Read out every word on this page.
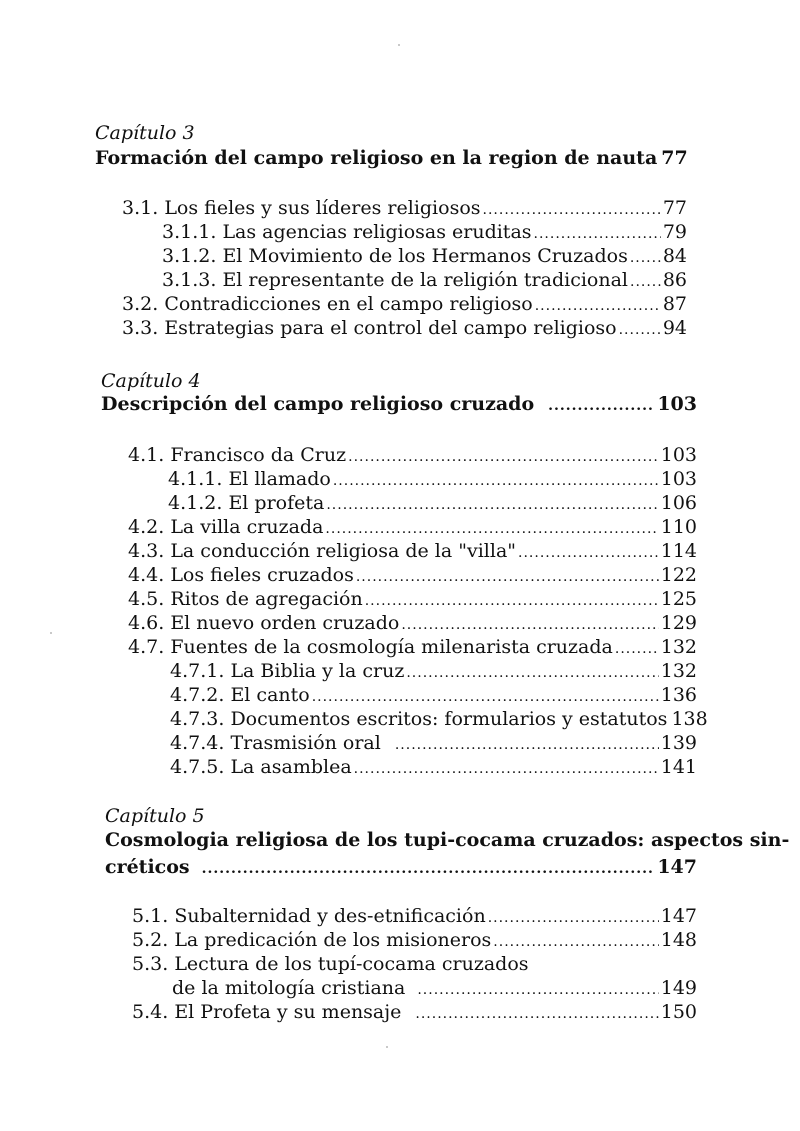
Capítulo 3
Formación del campo religioso en la region de nauta 77
3.1. Los fieles y sus líderes religiosos .....	77
3.1.1. Las agencias religiosas eruditas .....	79
3.1.2. El Movimiento de los Hermanos Cruzados ..... 84
3.1.3. El representante de la religión tradicional ..... 86
3.2. Contradicciones en el campo religioso .....	87
3.3. Estrategias para el control del campo religioso ..... 94
Capítulo 4
Descripción del campo religioso cruzado .....	103
4.1. Francisco da Cruz .....	103
4.1.1. El llamado .....	103
4.1.2. El profeta .....	106
4.2. La villa cruzada .....	110
4.3. La conducción religiosa de la "villa" .....	114
4.4. Los fieles cruzados .....	122
4.5. Ritos de agregación .....	125
4.6. El nuevo orden cruzado .....	129
4.7. Fuentes de la cosmología milenarista cruzada .....	132
4.7.1. La Biblia y la cruz .....	132
4.7.2. El canto .....	136
4.7.3. Documentos escritos: formularios y estatutos 138
4.7.4. Trasmisión oral .....	139
4.7.5. La asamblea .....	141
Capítulo 5
Cosmologia religiosa de los tupi-cocama cruzados: aspectos sin-
créticos .....	147
5.1. Subalternidad y des-etnificación .....	147
5.2. La predicación de los misioneros .....	148
5.3. Lectura de los tupí-cocama cruzados
de la mitología cristiana .....	149
5.4. El Profeta y su mensaje .....	150
